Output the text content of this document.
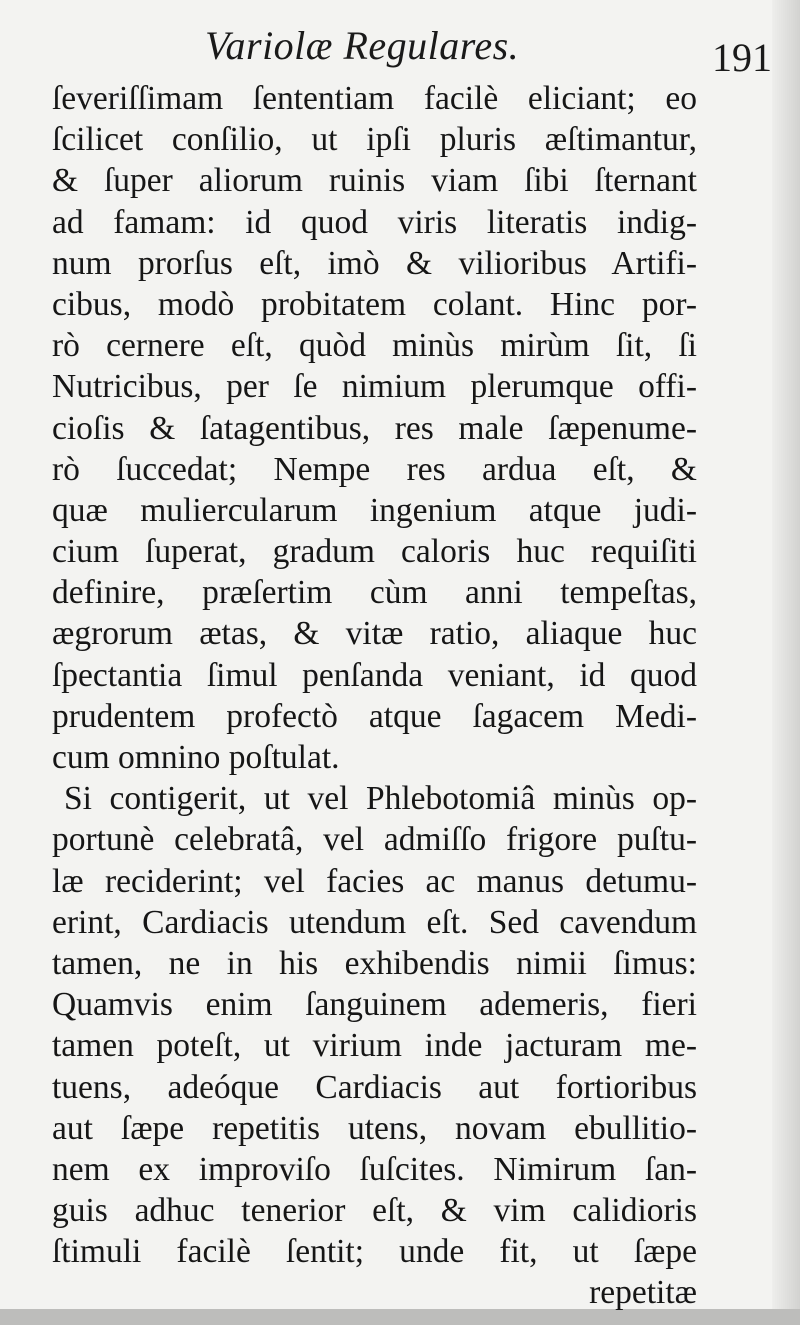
Variolæ Regulares.	191
ſeveriſſimam ſententiam facilè eliciant; eo
ſcilicet conſilio, ut ipſi pluris æſtimantur,
& ſuper aliorum ruinis viam ſibi ſternant
ad famam: id quod viris literatis indig-
num prorſus eſt, imò & vilioribus Artifi-
cibus, modò probitatem colant. Hinc por-
rò cernere eſt, quòd minùs mirùm ſit, ſi
Nutricibus, per ſe nimium plerumque offi-
cioſis & ſatagentibus, res male ſæpenume-
rò ſuccedat; Nempe res ardua eſt, &
quæ muliercularum ingenium atque judi-
cium ſuperat, gradum caloris huc requiſiti
definire, præſertim cùm anni tempeſtas,
ægrorum ætas, & vitæ ratio, aliaque huc
ſpectantia ſimul penſanda veniant, id quod
prudentem profectò atque ſagacem Medi-
cum omnino poſtulat.
Si contigerit, ut vel Phlebotomiâ minùs op-
portunè celebratâ, vel admiſſo frigore puſtu-
læ reciderint; vel facies ac manus detumu-
erint, Cardiacis utendum eſt. Sed cavendum
tamen, ne in his exhibendis nimii ſimus:
Quamvis enim ſanguinem ademeris, fieri
tamen poteſt, ut virium inde jacturam me-
tuens, adeóque Cardiacis aut fortioribus
aut ſæpe repetitis utens, novam ebullitio-
nem ex improviſo ſuſcites. Nimirum ſan-
guis adhuc tenerior eſt, & vim calidioris
ſtimuli facilè ſentit; unde fit, ut ſæpe
repetitæ
